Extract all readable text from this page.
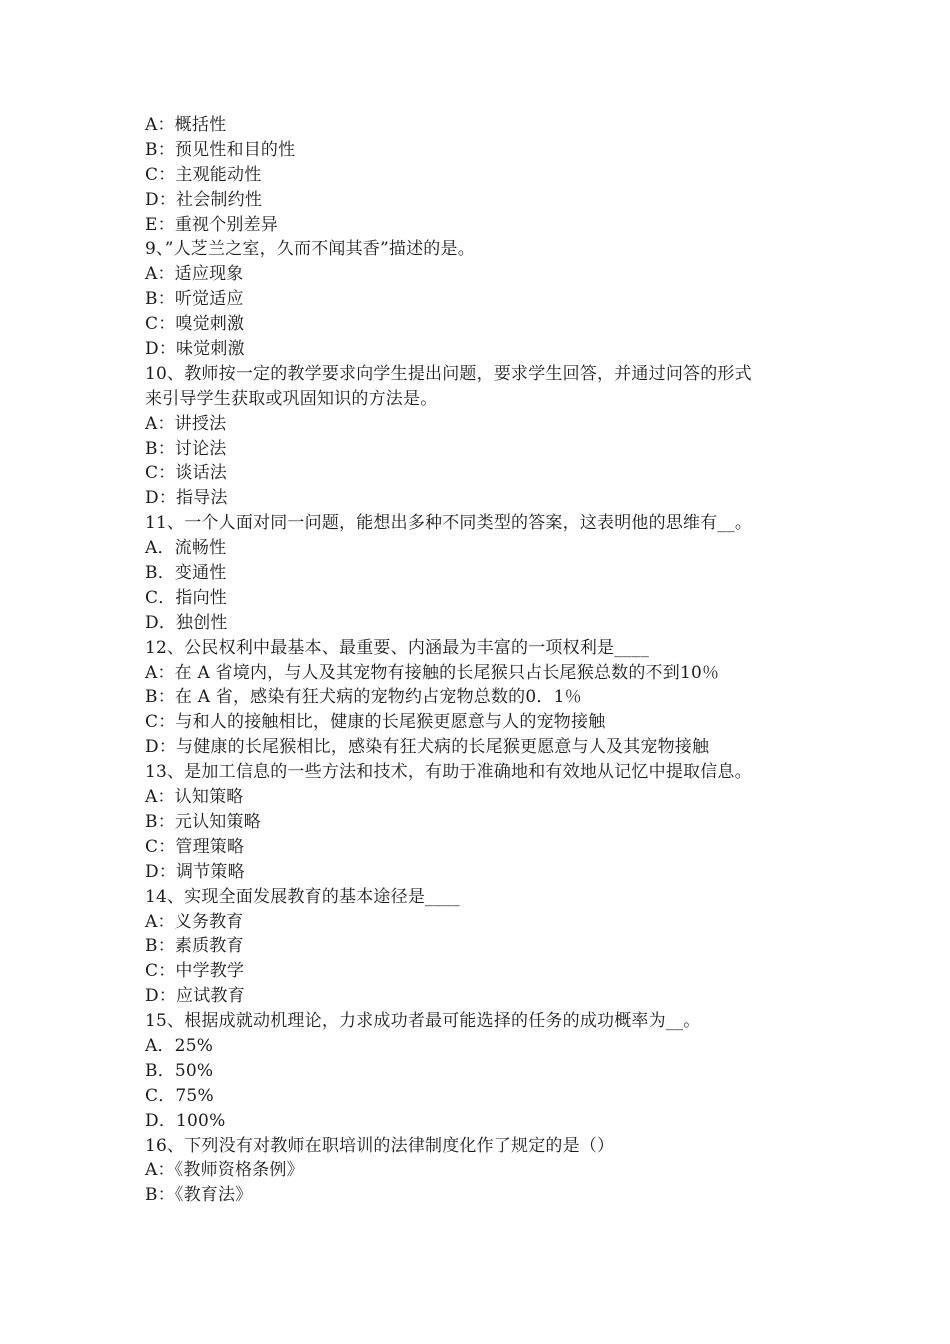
A：概括性
B：预见性和目的性
C：主观能动性
D：社会制约性
E：重视个别差异
9、”人芝兰之室，久而不闻其香”描述的是。
A：适应现象
B：听觉适应
C：嗅觉刺激
D：味觉刺激
10、教师按一定的教学要求向学生提出问题，要求学生回答，并通过问答的形式
来引导学生获取或巩固知识的方法是。
A：讲授法
B：讨论法
C：谈话法
D：指导法
11、一个人面对同一问题，能想出多种不同类型的答案，这表明他的思维有__。
A．流畅性
B．变通性
C．指向性
D．独创性
12、公民权利中最基本、最重要、内涵最为丰富的一项权利是____
A：在 A 省境内，与人及其宠物有接触的长尾猴只占长尾猴总数的不到10％
B：在 A 省，感染有狂犬病的宠物约占宠物总数的0．1％
C：与和人的接触相比，健康的长尾猴更愿意与人的宠物接触
D：与健康的长尾猴相比，感染有狂犬病的长尾猴更愿意与人及其宠物接触
13、是加工信息的一些方法和技术，有助于准确地和有效地从记忆中提取信息。
A：认知策略
B：元认知策略
C：管理策略
D：调节策略
14、实现全面发展教育的基本途径是____
A：义务教育
B：素质教育
C：中学教学
D：应试教育
15、根据成就动机理论，力求成功者最可能选择的任务的成功概率为__。
A．25%
B．50%
C．75%
D．100%
16、下列没有对教师在职培训的法律制度化作了规定的是（）
A：《教师资格条例》
B：《教育法》
